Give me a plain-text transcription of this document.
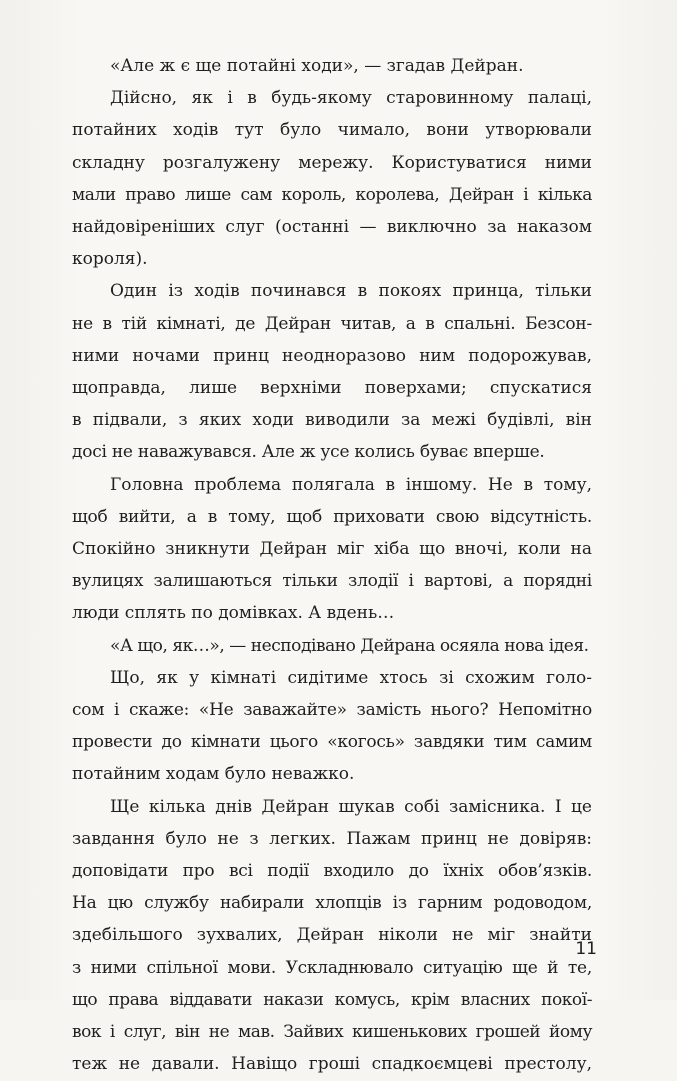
«Але ж є ще потайні ходи», — згадав Дейран.
Дійсно, як і в будь-якому старовинному палаці,
потайних ходів тут було чимало, вони утворювали
складну розгалужену мережу. Користуватися ними
мали право лише сам король, королева, Дейран і кілька
найдовіреніших слуг (останні — виключно за наказом
короля).
Один із ходів починався в покоях принца, тільки
не в тій кімнаті, де Дейран читав, а в спальні. Безсон-
ними ночами принц неодноразово ним подорожував,
щоправда, лише верхніми поверхами; спускатися
в підвали, з яких ходи виводили за межі будівлі, він
досі не наважувався. Але ж усе колись буває вперше.
Головна проблема полягала в іншому. Не в тому,
щоб вийти, а в тому, щоб приховати свою відсутність.
Спокійно зникнути Дейран міг хіба що вночі, коли на
вулицях залишаються тільки злодії і вартові, а порядні
люди сплять по домівках. А вдень…
«А що, як…», — несподівано Дейрана осяяла нова ідея.
Що, як у кімнаті сидітиме хтось зі схожим голо-
сом і скаже: «Не заважайте» замість нього? Непомітно
провести до кімнати цього «когось» завдяки тим самим
потайним ходам було неважко.
Ще кілька днів Дейран шукав собі замісника. І це
завдання було не з легких. Пажам принц не довіряв:
доповідати про всі події входило до їхніх обов’язків.
На цю службу набирали хлопців із гарним родоводом,
здебільшого зухвалих, Дейран ніколи не міг знайти
з ними спільної мови. Ускладнювало ситуацію ще й те,
що права віддавати накази комусь, крім власних покої-
вок і слуг, він не мав. Зайвих кишенькових грошей йому
теж не давали. Навіщо гроші спадкоємцеві престолу,
11
